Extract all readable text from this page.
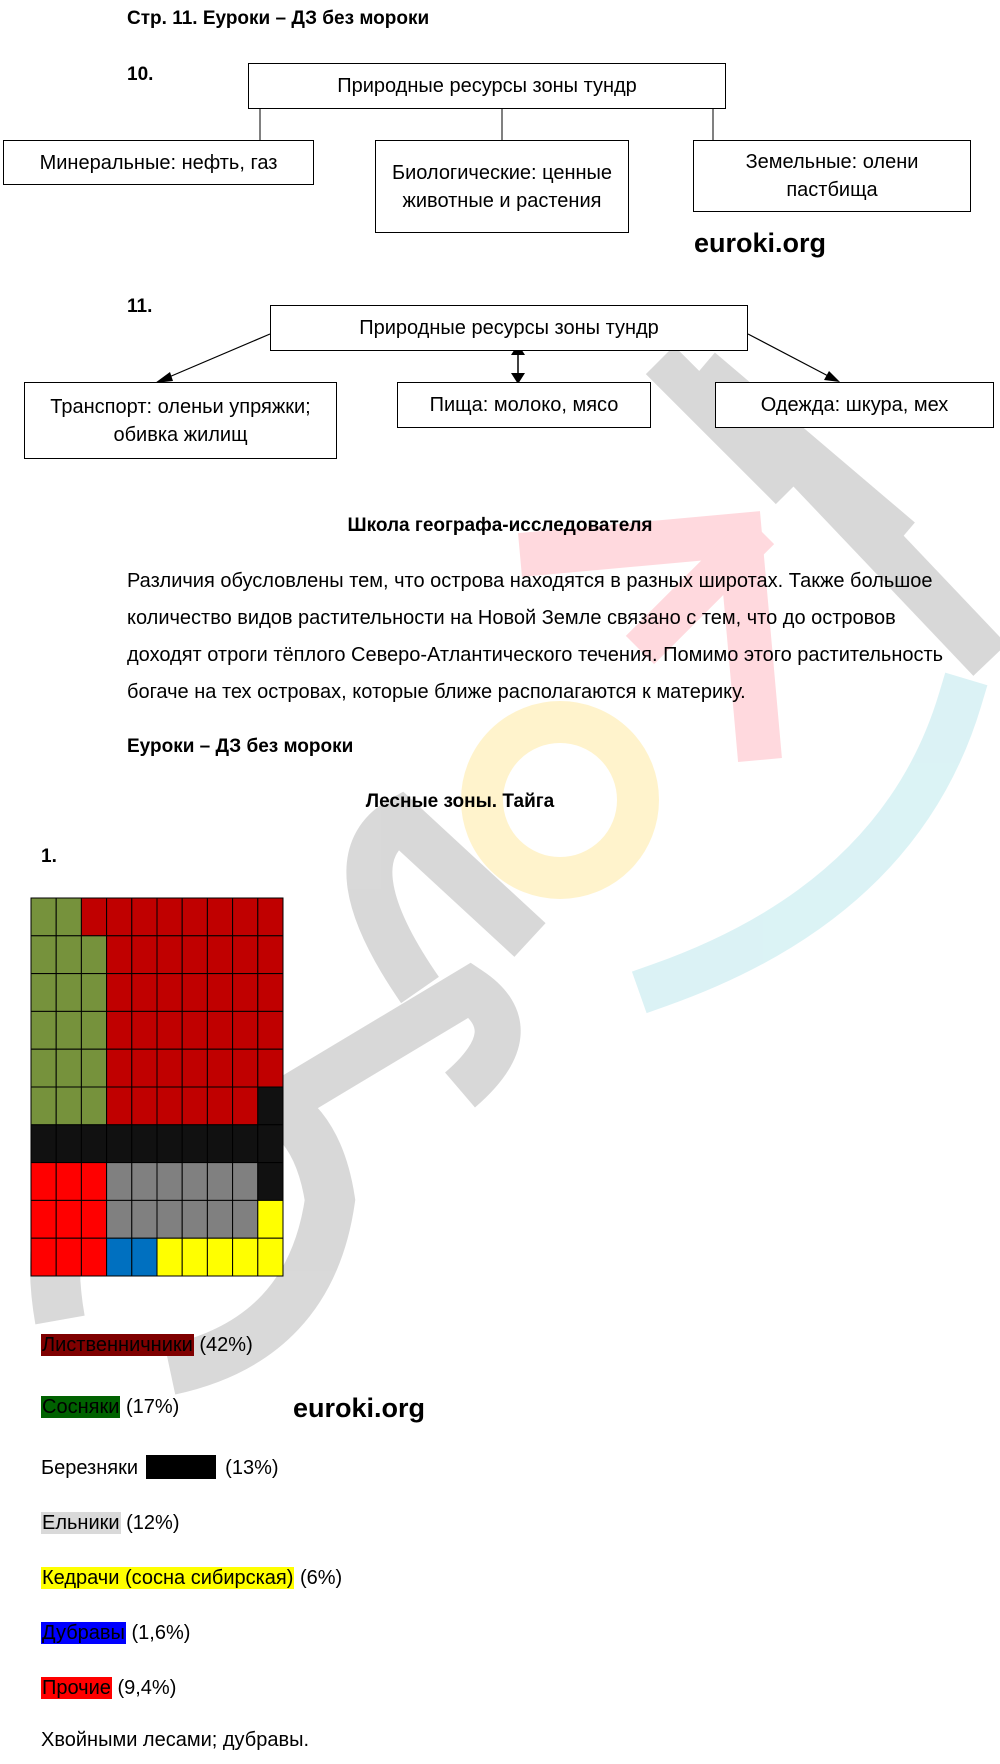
Стр. 11. Еуроки – ДЗ без мороки
10.
Природные ресурсы зоны тундр
Минеральные: нефть, газ	Биологические: ценные животные и растения
Земельные: олени пастбища
euroki.org
11.
Природные ресурсы зоны тундр
Транспорт: оленьи упряжки; обивка жилищ
Пища: молоко, мясо	Одежда: шкура, мех
Школа географа-исследователя
Различия обусловлены тем, что острова находятся в разных широтах. Также большое количество видов растительности на Новой Земле связано с тем, что до островов доходят отроги тёплого Северо-Атлантического течения. Помимо этого растительность богаче на тех островах, которые ближе располагаются к материку.
Еуроки – ДЗ без мороки
Лесные зоны. Тайга
1.
Лиственничники (42%)
Сосняки (17%)	euroki.org
Березняки	(13%)
Ельники (12%)
Кедрачи (сосна сибирская) (6%)
Дубравы (1,6%)
Прочие (9,4%)
Хвойными лесами; дубравы.
